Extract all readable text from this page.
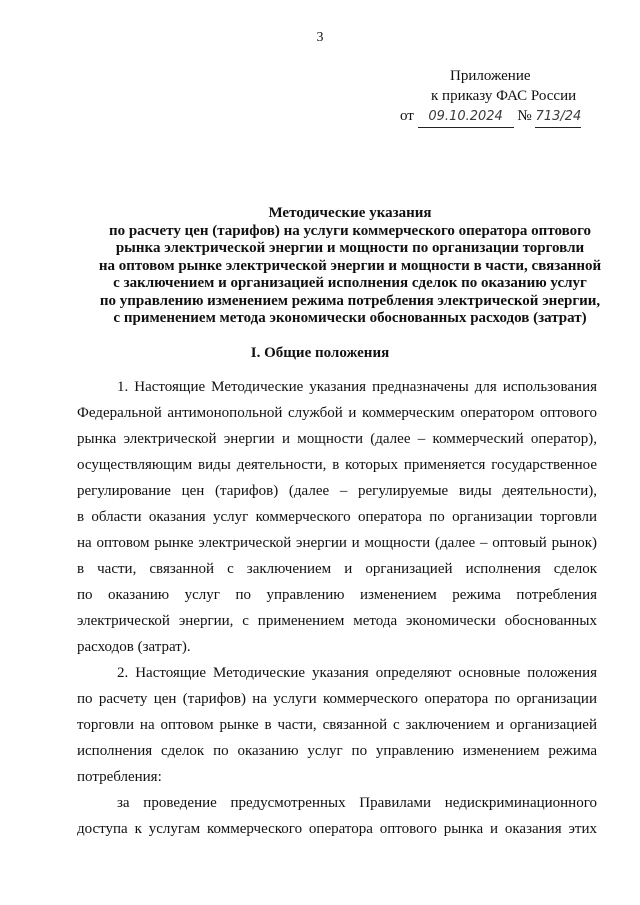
3
Приложение
к приказу ФАС России
от 09.10.2024 № 713/24
Методические указания
по расчету цен (тарифов) на услуги коммерческого оператора оптового
рынка электрической энергии и мощности по организации торговли
на оптовом рынке электрической энергии и мощности в части, связанной
с заключением и организацией исполнения сделок по оказанию услуг
по управлению изменением режима потребления электрической энергии,
с применением метода экономически обоснованных расходов (затрат)
I. Общие положения
1. Настоящие Методические указания предназначены для использования
Федеральной антимонопольной службой и коммерческим оператором оптового
рынка электрической энергии и мощности (далее – коммерческий оператор),
осуществляющим виды деятельности, в которых применяется государственное
регулирование цен (тарифов) (далее – регулируемые виды деятельности),
в области оказания услуг коммерческого оператора по организации торговли
на оптовом рынке электрической энергии и мощности (далее – оптовый рынок)
в части, связанной с заключением и организацией исполнения сделок
по оказанию услуг по управлению изменением режима потребления
электрической энергии, с применением метода экономически обоснованных
расходов (затрат).
2. Настоящие Методические указания определяют основные положения
по расчету цен (тарифов) на услуги коммерческого оператора по организации
торговли на оптовом рынке в части, связанной с заключением и организацией
исполнения сделок по оказанию услуг по управлению изменением режима
потребления:
за проведение предусмотренных Правилами недискриминационного
доступа к услугам коммерческого оператора оптового рынка и оказания этих
